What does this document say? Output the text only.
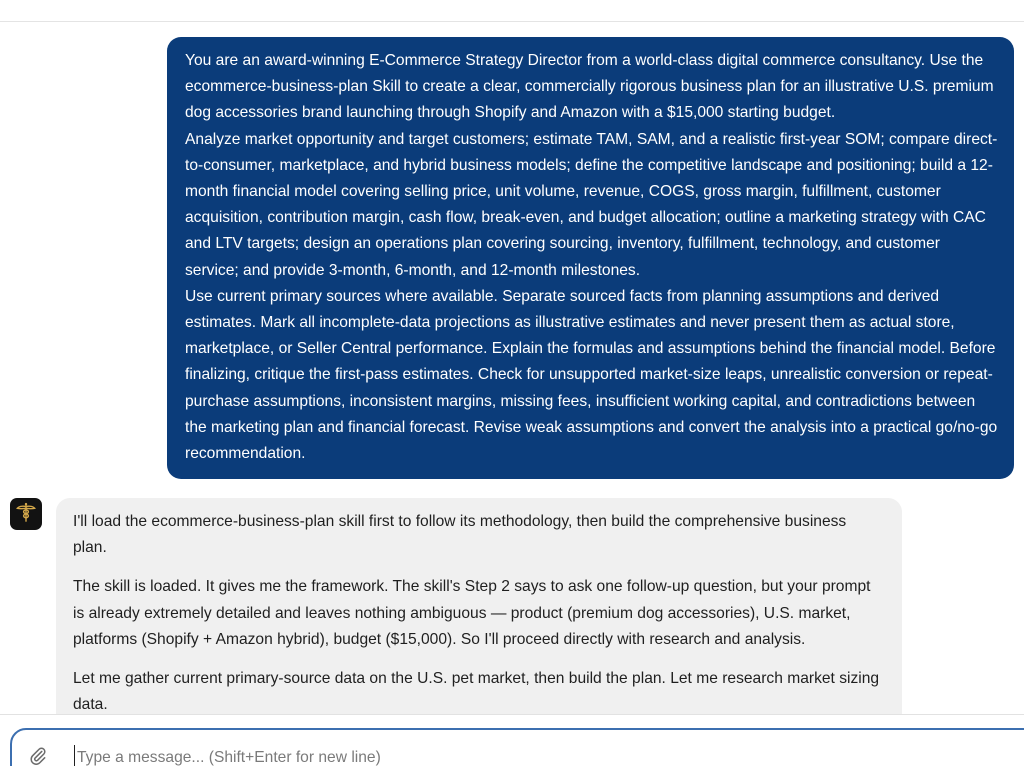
You are an award-winning E-Commerce Strategy Director from a world-class digital commerce consultancy. Use the ecommerce-business-plan Skill to create a clear, commercially rigorous business plan for an illustrative U.S. premium dog accessories brand launching through Shopify and Amazon with a $15,000 starting budget.

Analyze market opportunity and target customers; estimate TAM, SAM, and a realistic first-year SOM; compare direct-to-consumer, marketplace, and hybrid business models; define the competitive landscape and positioning; build a 12-month financial model covering selling price, unit volume, revenue, COGS, gross margin, fulfillment, customer acquisition, contribution margin, cash flow, break-even, and budget allocation; outline a marketing strategy with CAC and LTV targets; design an operations plan covering sourcing, inventory, fulfillment, technology, and customer service; and provide 3-month, 6-month, and 12-month milestones.

Use current primary sources where available. Separate sourced facts from planning assumptions and derived estimates. Mark all incomplete-data projections as illustrative estimates and never present them as actual store, marketplace, or Seller Central performance. Explain the formulas and assumptions behind the financial model. Before finalizing, critique the first-pass estimates. Check for unsupported market-size leaps, unrealistic conversion or repeat-purchase assumptions, inconsistent margins, missing fees, insufficient working capital, and contradictions between the marketing plan and financial forecast. Revise weak assumptions and convert the analysis into a practical go/no-go recommendation.

I'll load the ecommerce-business-plan skill first to follow its methodology, then build the comprehensive business plan.

The skill is loaded. It gives me the framework. The skill's Step 2 says to ask one follow-up question, but your prompt is already extremely detailed and leaves nothing ambiguous — product (premium dog accessories), U.S. market, platforms (Shopify + Amazon hybrid), budget ($15,000). So I'll proceed directly with research and analysis.

Let me gather current primary-source data on the U.S. pet market, then build the plan. Let me research market sizing data.

Type a message... (Shift+Enter for new line)
